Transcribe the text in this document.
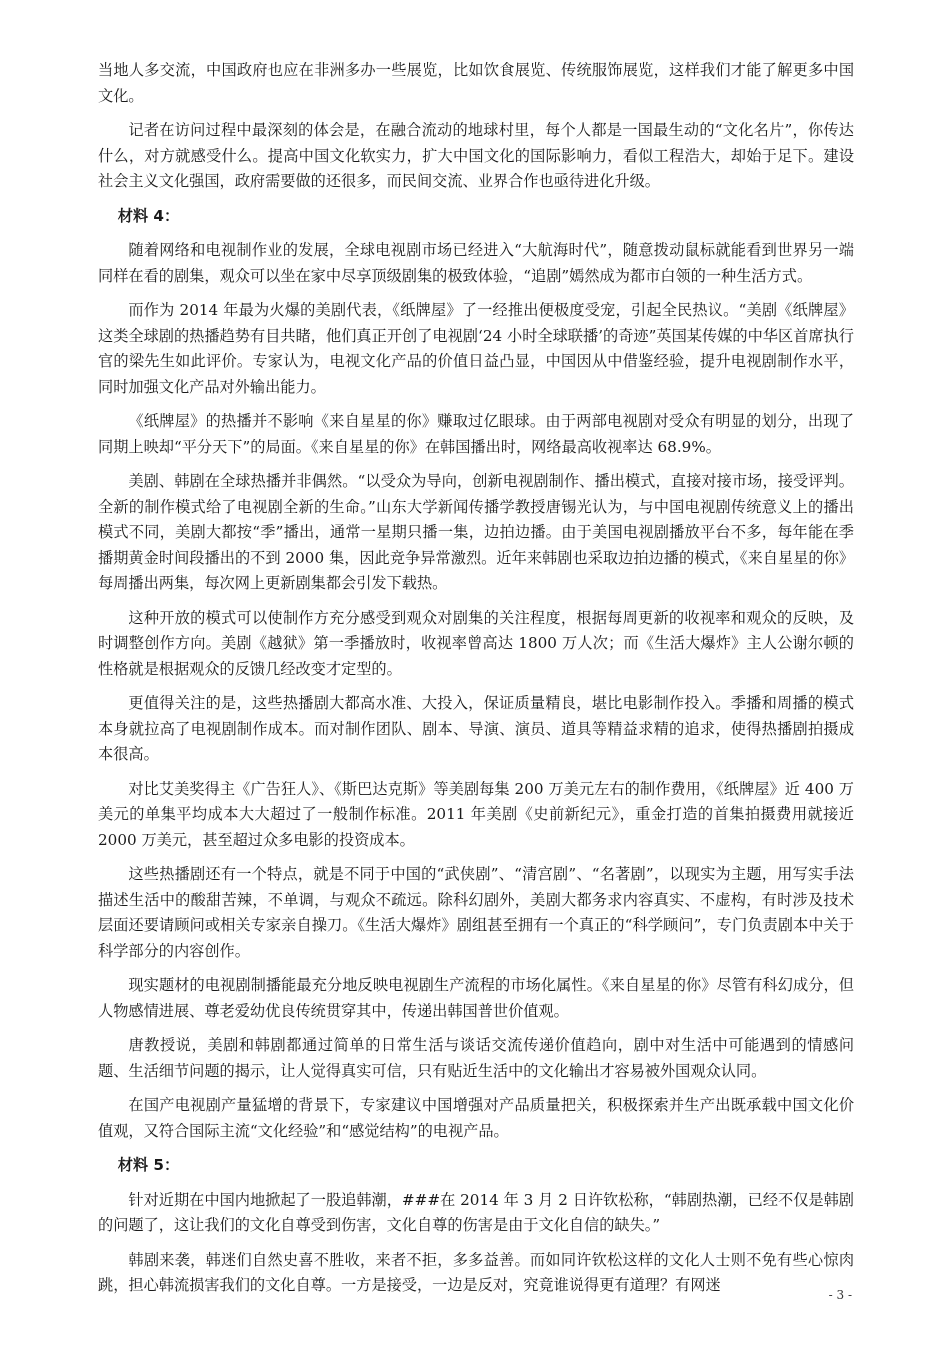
当地人多交流，中国政府也应在非洲多办一些展览，比如饮食展览、传统服饰展览，这样我们才能了解更多中国文化。

记者在访问过程中最深刻的体会是，在融合流动的地球村里，每个人都是一国最生动的“文化名片”，你传达什么，对方就感受什么。提高中国文化软实力，扩大中国文化的国际影响力，看似工程浩大，却始于足下。建设社会主义文化强国，政府需要做的还很多，而民间交流、业界合作也亟待进化升级。

材料 4：

随着网络和电视制作业的发展，全球电视剧市场已经进入“大航海时代”，随意拨动鼠标就能看到世界另一端同样在看的剧集，观众可以坐在家中尽享顶级剧集的极致体验，“追剧”嫣然成为都市白领的一种生活方式。

而作为 2014 年最为火爆的美剧代表，《纸牌屋》了一经推出便极度受宠，引起全民热议。“美剧《纸牌屋》这类全球剧的热播趋势有目共睹，他们真正开创了电视剧‘24 小时全球联播’的奇迹”英国某传媒的中华区首席执行官的梁先生如此评价。专家认为，电视文化产品的价值日益凸显，中国因从中借鉴经验，提升电视剧制作水平，同时加强文化产品对外输出能力。

《纸牌屋》的热播并不影响《来自星星的你》赚取过亿眼球。由于两部电视剧对受众有明显的划分，出现了同期上映却“平分天下”的局面。《来自星星的你》在韩国播出时，网络最高收视率达 68.9%。

美剧、韩剧在全球热播并非偶然。“以受众为导向，创新电视剧制作、播出模式，直接对接市场，接受评判。全新的制作模式给了电视剧全新的生命。”山东大学新闻传播学教授唐锡光认为，与中国电视剧传统意义上的播出模式不同，美剧大都按“季”播出，通常一星期只播一集，边拍边播。由于美国电视剧播放平台不多，每年能在季播期黄金时间段播出的不到 2000 集，因此竞争异常激烈。近年来韩剧也采取边拍边播的模式，《来自星星的你》每周播出两集，每次网上更新剧集都会引发下载热。

这种开放的模式可以使制作方充分感受到观众对剧集的关注程度，根据每周更新的收视率和观众的反映，及时调整创作方向。美剧《越狱》第一季播放时，收视率曾高达 1800 万人次；而《生活大爆炸》主人公谢尔顿的性格就是根据观众的反馈几经改变才定型的。

更值得关注的是，这些热播剧大都高水准、大投入，保证质量精良，堪比电影制作投入。季播和周播的模式本身就拉高了电视剧制作成本。而对制作团队、剧本、导演、演员、道具等精益求精的追求，使得热播剧拍摄成本很高。

对比艾美奖得主《广告狂人》、《斯巴达克斯》等美剧每集 200 万美元左右的制作费用，《纸牌屋》近 400 万美元的单集平均成本大大超过了一般制作标准。2011 年美剧《史前新纪元》，重金打造的首集拍摄费用就接近 2000 万美元，甚至超过众多电影的投资成本。

这些热播剧还有一个特点，就是不同于中国的“武侠剧”、“清宫剧”、“名著剧”，以现实为主题，用写实手法描述生活中的酸甜苦辣，不单调，与观众不疏远。除科幻剧外，美剧大都务求内容真实、不虚构，有时涉及技术层面还要请顾问或相关专家亲自操刀。《生活大爆炸》剧组甚至拥有一个真正的“科学顾问”，专门负责剧本中关于科学部分的内容创作。

现实题材的电视剧制播能最充分地反映电视剧生产流程的市场化属性。《来自星星的你》尽管有科幻成分，但人物感情进展、尊老爱幼优良传统贯穿其中，传递出韩国普世价值观。

唐教授说，美剧和韩剧都通过简单的日常生活与谈话交流传递价值趋向，剧中对生活中可能遇到的情感问题、生活细节问题的揭示，让人觉得真实可信，只有贴近生活中的文化输出才容易被外国观众认同。

在国产电视剧产量猛增的背景下，专家建议中国增强对产品质量把关，积极探索并生产出既承载中国文化价值观，又符合国际主流“文化经验”和“感觉结构”的电视产品。

材料 5：

针对近期在中国内地掀起了一股追韩潮，###在 2014 年 3 月 2 日许钦松称，“韩剧热潮，已经不仅是韩剧的问题了，这让我们的文化自尊受到伤害，文化自尊的伤害是由于文化自信的缺失。”

韩剧来袭，韩迷们自然史喜不胜收，来者不拒，多多益善。而如同许钦松这样的文化人士则不免有些心惊肉跳，担心韩流损害我们的文化自尊。一方是接受，一边是反对，究竟谁说得更有道理？有网迷

- 3 -
